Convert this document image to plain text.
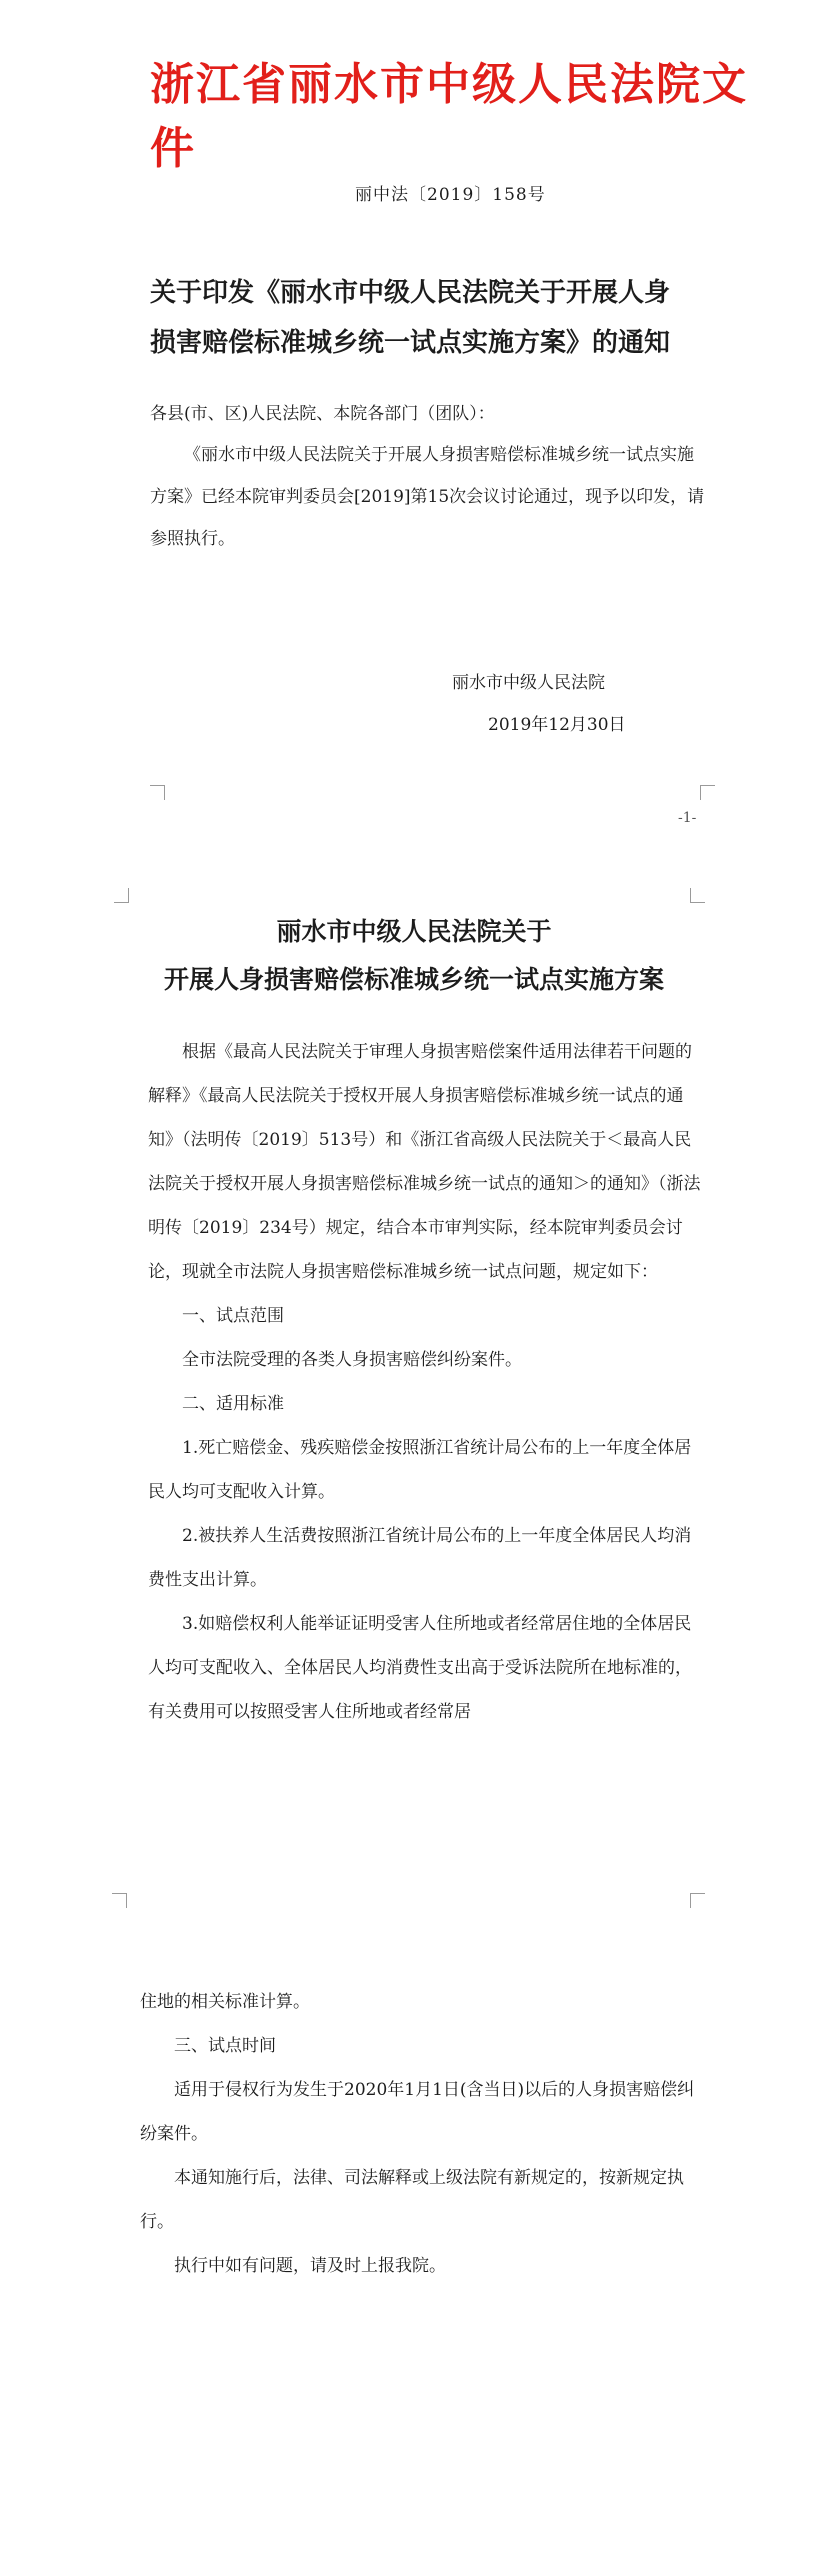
浙江省丽水市中级人民法院文件
丽中法〔2019〕158号
关于印发《丽水市中级人民法院关于开展人身
损害赔偿标准城乡统一试点实施方案》的通知
各县(市、区)人民法院、本院各部门（团队）：
《丽水市中级人民法院关于开展人身损害赔偿标准城乡统一试点实施方案》已经本院审判委员会[2019]第15次会议讨论通过，现予以印发，请参照执行。
丽水市中级人民法院
2019年12月30日
-1-
丽水市中级人民法院关于
开展人身损害赔偿标准城乡统一试点实施方案
根据《最高人民法院关于审理人身损害赔偿案件适用法律若干问题的解释》《最高人民法院关于授权开展人身损害赔偿标准城乡统一试点的通知》（法明传〔2019〕513号）和《浙江省高级人民法院关于＜最高人民法院关于授权开展人身损害赔偿标准城乡统一试点的通知＞的通知》（浙法明传〔2019〕234号）规定，结合本市审判实际，经本院审判委员会讨论，现就全市法院人身损害赔偿标准城乡统一试点问题，规定如下：
一、试点范围
全市法院受理的各类人身损害赔偿纠纷案件。
二、适用标准
1.死亡赔偿金、残疾赔偿金按照浙江省统计局公布的上一年度全体居民人均可支配收入计算。
2.被扶养人生活费按照浙江省统计局公布的上一年度全体居民人均消费性支出计算。
3.如赔偿权利人能举证证明受害人住所地或者经常居住地的全体居民人均可支配收入、全体居民人均消费性支出高于受诉法院所在地标准的，有关费用可以按照受害人住所地或者经常居
住地的相关标准计算。
三、试点时间
适用于侵权行为发生于2020年1月1日(含当日)以后的人身损害赔偿纠纷案件。
本通知施行后，法律、司法解释或上级法院有新规定的，按新规定执行。
执行中如有问题，请及时上报我院。
